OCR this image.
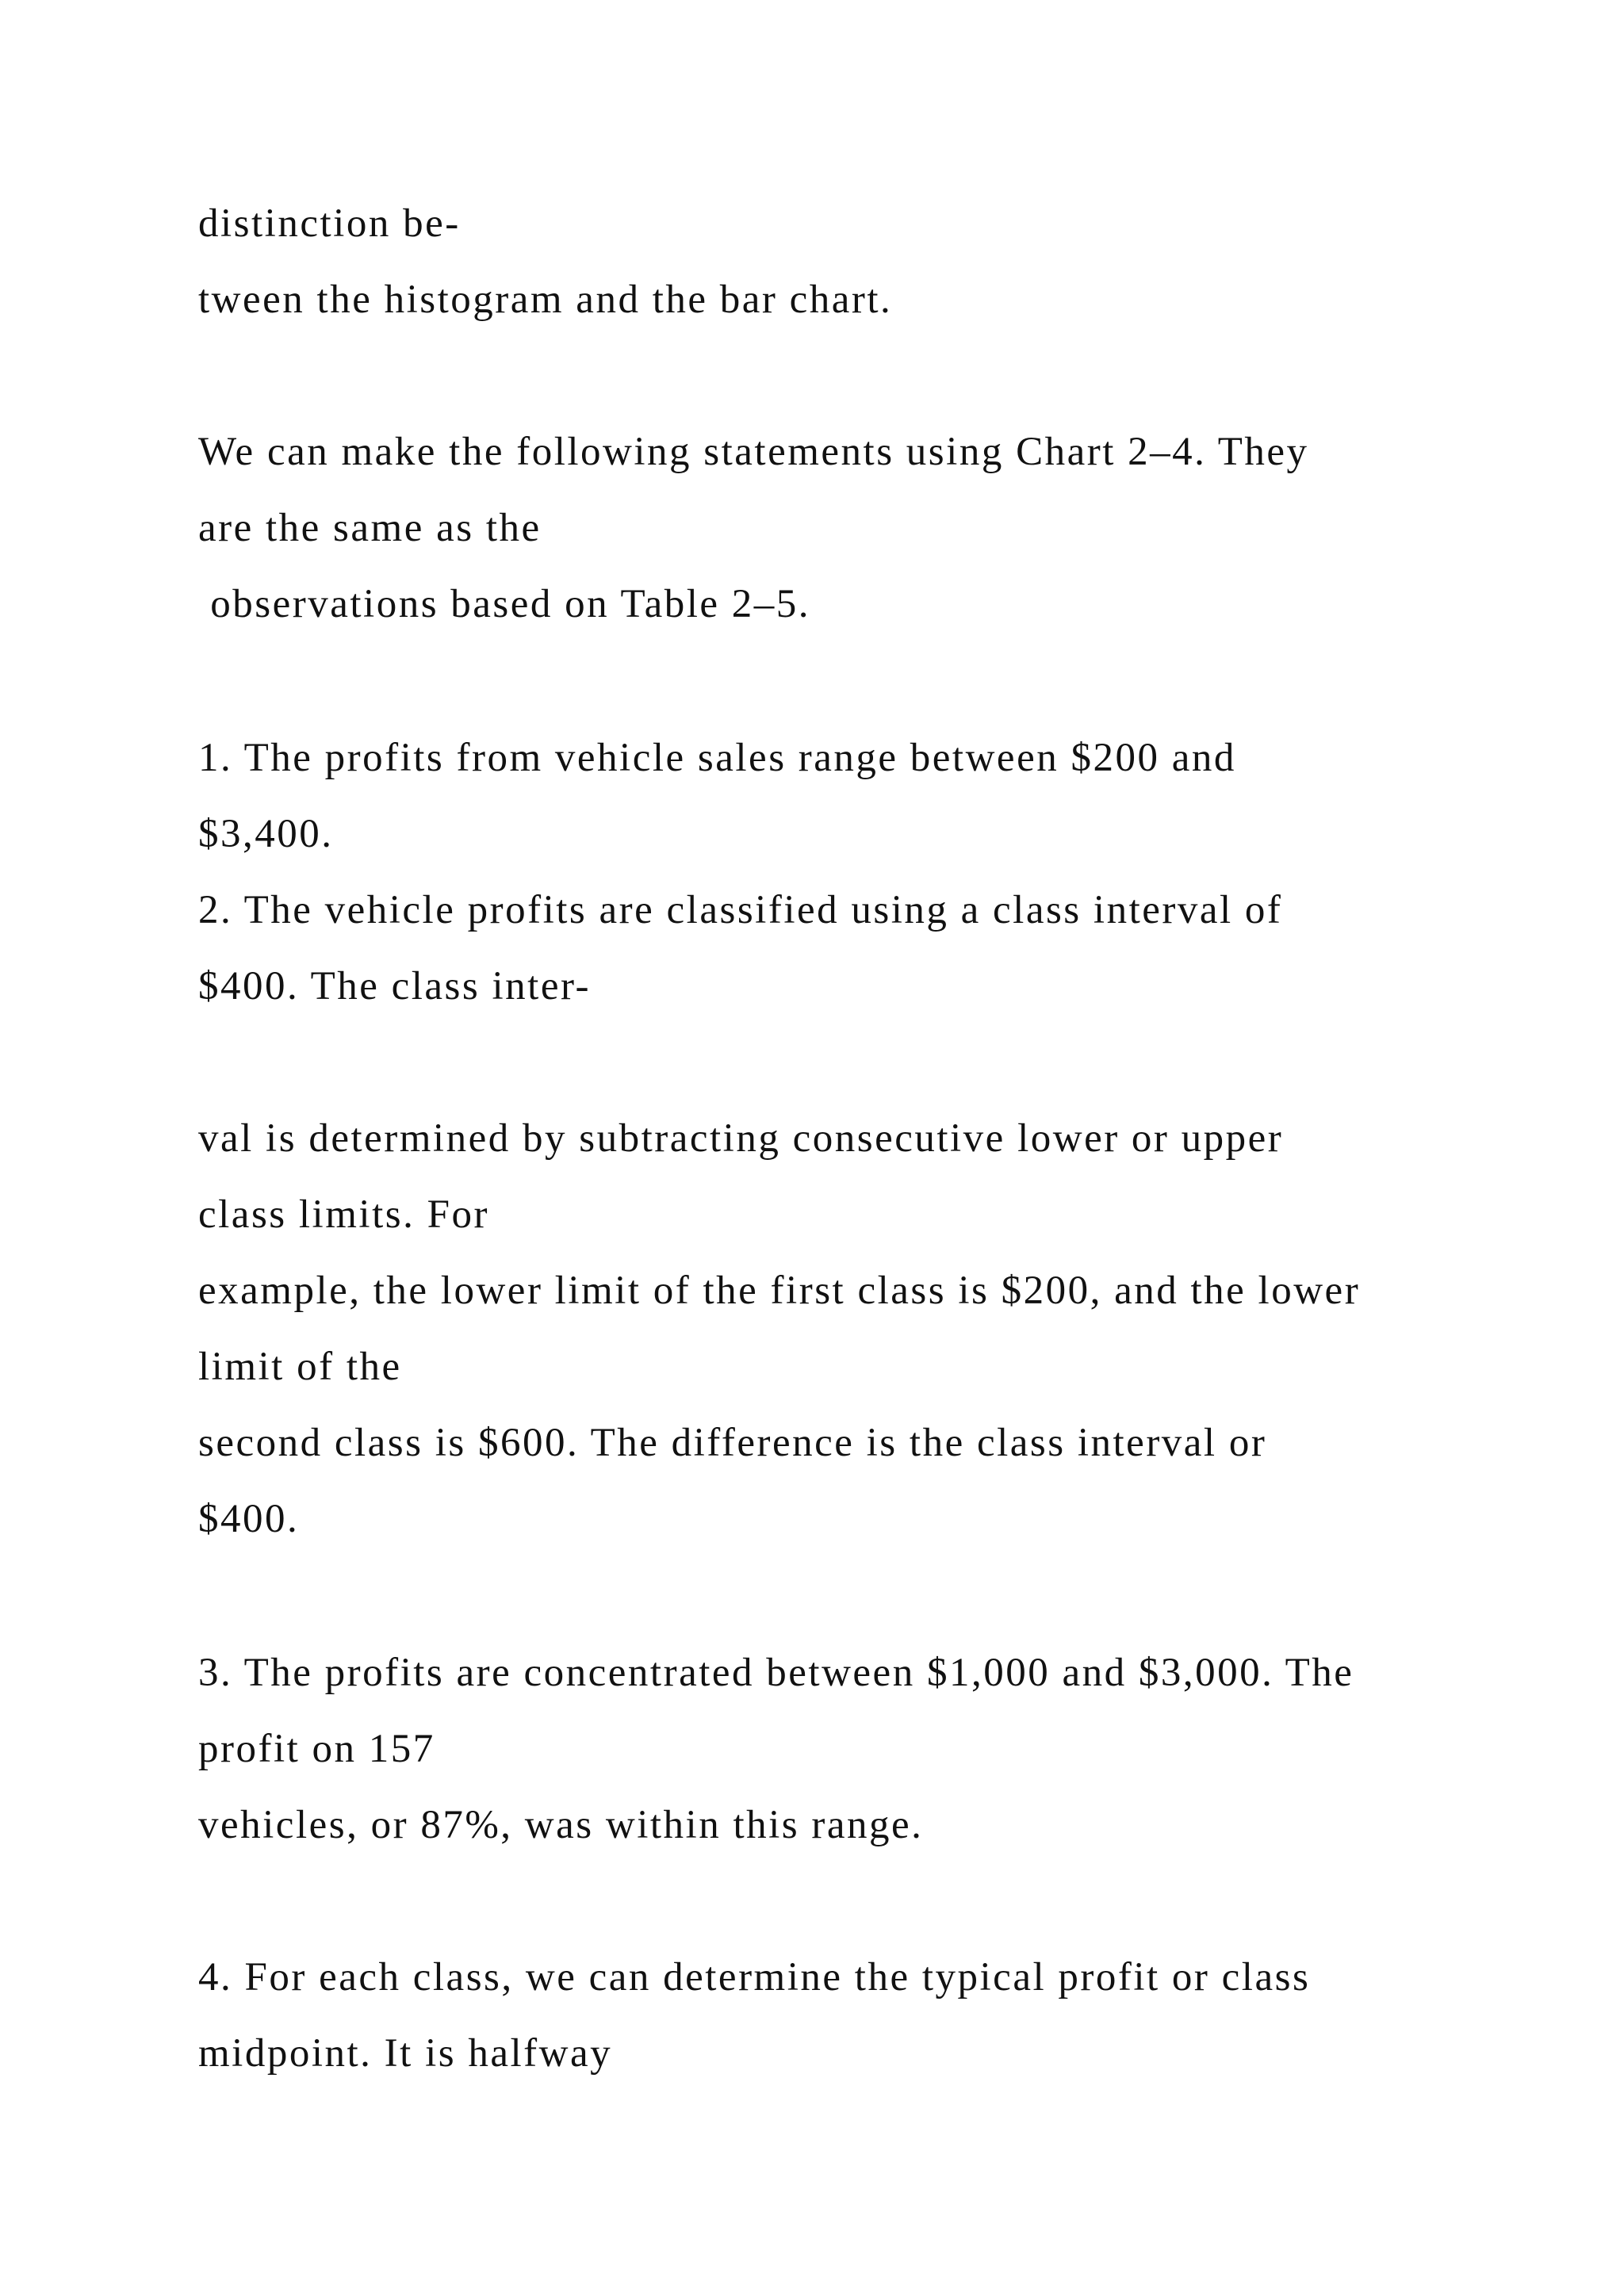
distinction be-

tween the histogram and the bar chart.

We can make the following statements using Chart 2–4. They

are the same as the

observations based on Table 2–5.

1. The profits from vehicle sales range between $200 and

$3,400.

2. The vehicle profits are classified using a class interval of

$400. The class inter-

val is determined by subtracting consecutive lower or upper

class limits. For

example, the lower limit of the first class is $200, and the lower

limit of the

second class is $600. The difference is the class interval or

$400.

3. The profits are concentrated between $1,000 and $3,000. The

profit on 157

vehicles, or 87%, was within this range.

4. For each class, we can determine the typical profit or class

midpoint. It is halfway
